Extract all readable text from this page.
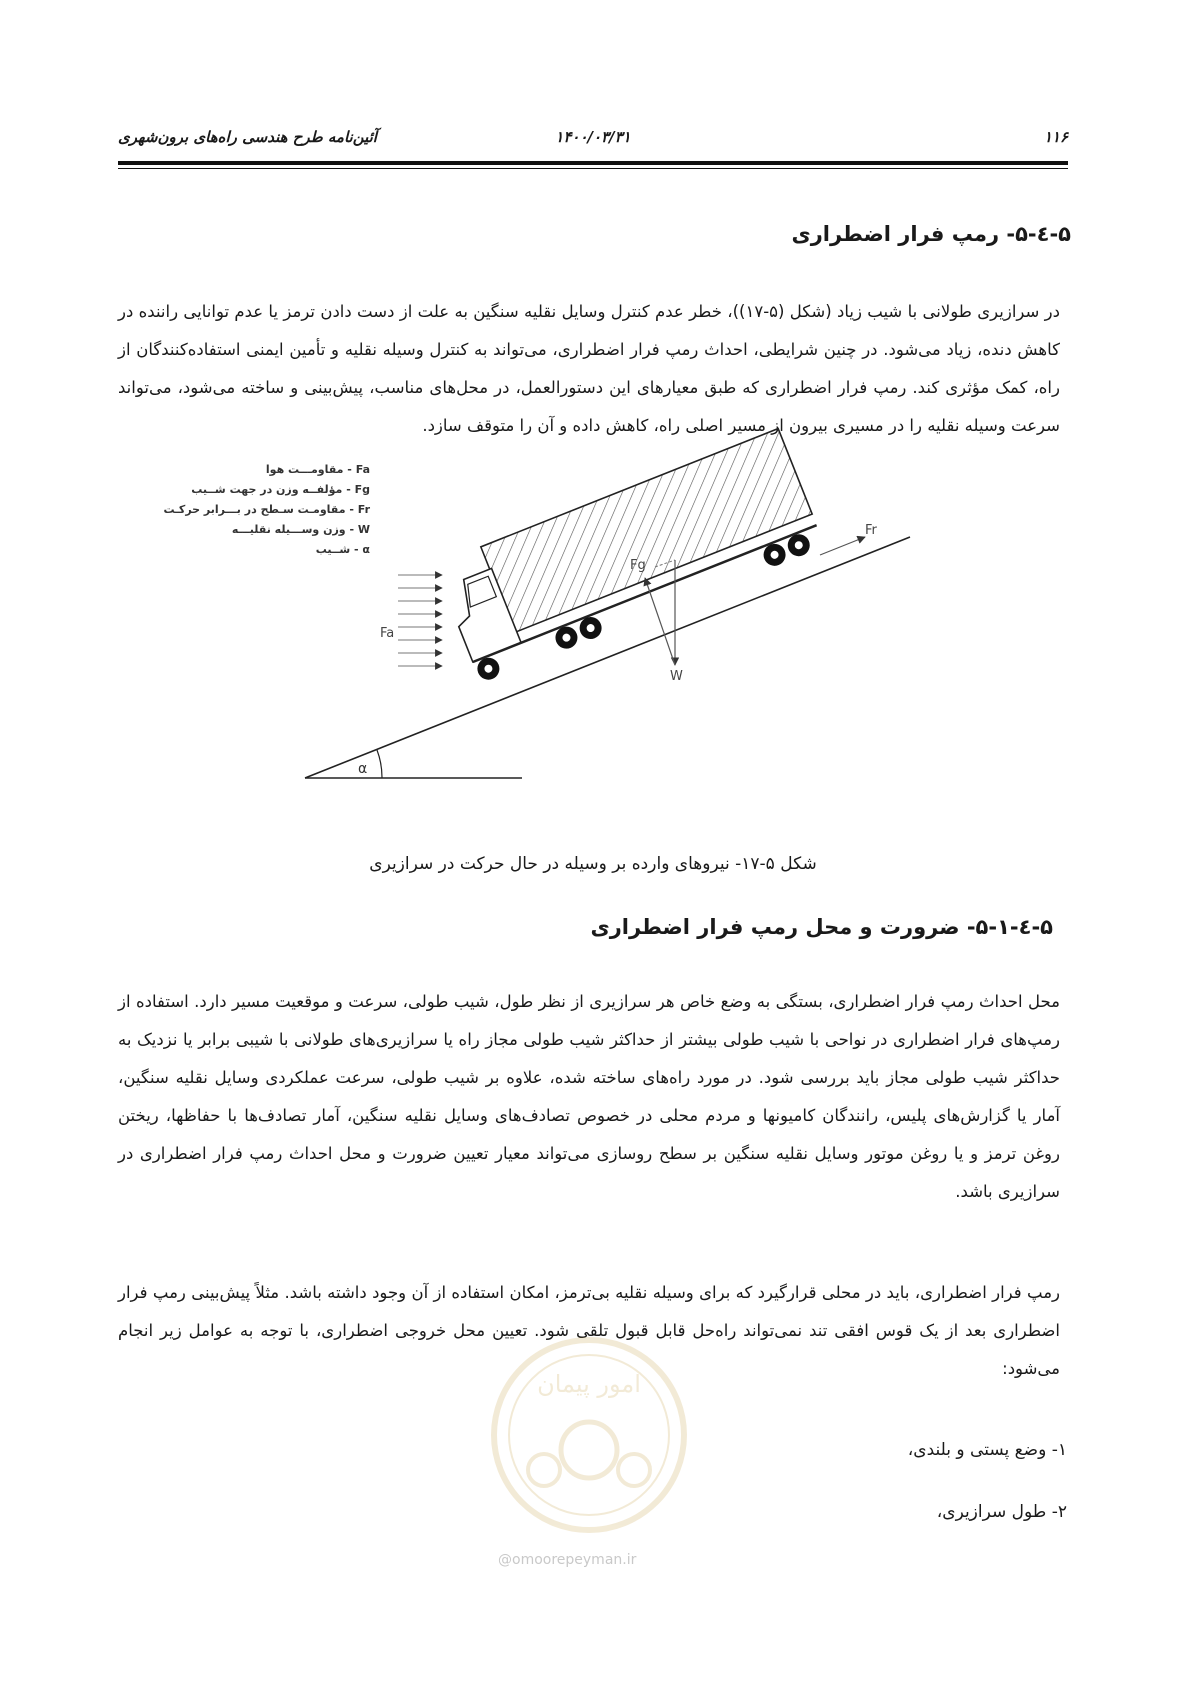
۱۱۶
۱۴۰۰/۰۳/۳۱
آئین‌نامه طرح هندسی راه‌های برون‌شهری
۵-٤-۵- رمپ فرار اضطراری

در سرازیری طولانی با شیب زیاد (شکل (۵-۱۷))، خطر عدم کنترل وسایل نقلیه سنگین به علت از دست دادن ترمز یا عدم توانایی راننده در کاهش دنده، زیاد می‌شود. در چنین شرایطی، احداث رمپ فرار اضطراری، می‌تواند به کنترل وسیله نقلیه و تأمین ایمنی استفاده‌کنندگان از راه، کمک مؤثری کند. رمپ فرار اضطراری که طبق معیارهای این دستورالعمل، در محل‌های مناسب، پیش‌بینی و ساخته می‌شود، می‌تواند سرعت وسیله نقلیه را در مسیری بیرون از مسیر اصلی راه، کاهش داده و آن را متوقف سازد.

α
Fa
Fg
W
Fr
مقاومـــت هوا - Fa
مؤلفــه وزن در جهت شــیب - Fg
مقاومـت سـطح در بـــرابر حرکـت - Fr
وزن وســـیله نقلیـــه - W
شــیب - α
شکل ۵-۱۷- نیروهای وارده بر وسیله در حال حرکت در سرازیری
۵-٤-۵-۱- ضرورت و محل رمپ فرار اضطراری

محل احداث رمپ فرار اضطراری، بستگی به وضع خاص هر سرازیری از نظر طول، شیب طولی، سرعت و موقعیت مسیر دارد. استفاده از رمپ‌های فرار اضطراری در نواحی با شیب طولی بیشتر از حداکثر شیب طولی مجاز راه یا سرازیری‌های طولانی با شیبی برابر یا نزدیک به حداکثر شیب طولی مجاز باید بررسی شود. در مورد راه‌های ساخته شده، علاوه بر شیب طولی، سرعت عملکردی وسایل نقلیه سنگین، آمار یا گزارش‌های پلیس، رانندگان کامیونها و مردم محلی در خصوص تصادف‌های وسایل نقلیه سنگین، آمار تصادف‌ها با حفاظها، ریختن روغن ترمز و یا روغن موتور وسایل نقلیه سنگین بر سطح روسازی می‌تواند معیار تعیین ضرورت و محل احداث رمپ فرار اضطراری در سرازیری باشد.

رمپ فرار اضطراری، باید در محلی قرارگیرد که برای وسیله نقلیه بی‌ترمز، امکان استفاده از آن وجود داشته باشد. مثلاً پیش‌بینی رمپ فرار اضطراری بعد از یک قوس افقی تند نمی‌تواند راه‌حل قابل قبول تلقی شود. تعیین محل خروجی اضطراری، با توجه به عوامل زیر انجام می‌شود:

۱- وضع پستی و بلندی،
۲- طول سرازیری،
امور پیمان
@omoorepeyman.ir
